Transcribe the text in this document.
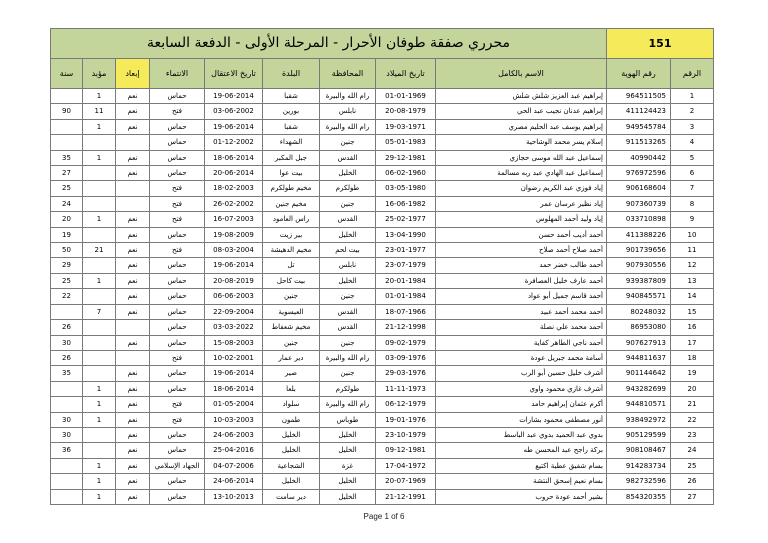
151		محرري صفقة طوفان الأحرار - المرحلة الأولى - الدفعة السابعة								
الرقم	رقم الهوية	الاسم بالكامل	تاريخ الميلاد	المحافظة	البلدة	تاريخ الاعتقال	الانتماء	إبعاد	مؤبد	سنة
1	964511505	إبراهيم عبد العزيز شلش شلش	01-01-1969	رام الله والبيرة	شقبا	19-06-2014	حماس	نعم	1	
2	411124423	إبراهيم عدنان نجيب عبد الحي	20-08-1979	نابلس	بورين	03-06-2002	فتح	نعم	11	90
3	949545784	إبراهيم يوسف عبد الحليم مصري	19-03-1971	رام الله والبيرة	شقبا	19-06-2014	حماس	نعم	1	
4	911513265	إسلام يسر محمد الوشاحية	05-01-1983	جنين	الشهداء	01-12-2002	حماس			
5	40990442	إسماعيل عبد الله موسى حجازي	29-12-1981	القدس	جبل المكبر	18-06-2014	حماس	نعم	1	35
6	976972596	إسماعيل عبد الهادي عبد ربه مسالمة	06-02-1960	الخليل	بيت عوا	20-06-2014	حماس	نعم		27
7	906168604	إياد فوزي عبد الكريم رضوان	03-05-1980	طولكرم	مخيم طولكرم	18-02-2003	فتح			25
8	907360739	إياد نظير عرسان عمر	16-06-1982	جنين	مخيم جنين	26-02-2002	فتح			24
9	033710898	إياد وليد أحمد المهلوس	25-02-1977	القدس	راس العامود	16-07-2003	فتح	نعم	1	20
10	411388226	أحمد أديب أحمد حسن	13-04-1990	الخليل	بير زيت	19-08-2009	حماس	نعم		19
11	901739656	أحمد صلاح أحمد صلاح	23-01-1977	بيت لحم	مخيم الدهيشة	08-03-2004	فتح	نعم	21	50
12	907930556	أحمد طالب خضر حمد	23-07-1979	نابلس	تل	19-06-2014	حماس	نعم		29
13	939387809	أحمد عارف خليل العصافرة	20-01-1984	الخليل	بيت كاحل	20-08-2019	حماس	نعم	1	25
14	940845571	أحمد قاسم جميل أبو عواد	01-01-1984	جنين	جنين	06-06-2003	حماس	نعم		22
15	80248032	أحمد محمد أحمد عبيد	18-07-1966	القدس	العيسوية	22-09-2004	حماس	نعم	7	
16	86953080	أحمد محمد علي نصلة	21-12-1998	القدس	مخيم شعفاط	03-03-2022	حماس			26
17	907627913	أحمد ناجي الطاهر كفاية	09-02-1979	جنين	جنين	15-08-2003	حماس	نعم		30
18	944811637	أسامة محمد جبريل عودة	03-09-1976	رام الله والبيرة	دير عمار	10-02-2001	فتح			26
19	901144642	أشرف خليل حسين أبو الرب	29-03-1976	جنين	صير	19-06-2014	حماس	نعم		35
20	943282699	أشرف غازي محمود واوي	11-11-1973	طولكرم	بلعا	18-06-2014	حماس	نعم	1	
21	944810571	أكرم عثمان إبراهيم حامد	06-12-1979	رام الله والبيرة	سلواد	01-05-2004	فتح	نعم	1	
22	938492972	أنور مصطفى محمود بشارات	19-01-1976	طوباس	طمون	10-03-2003	فتح	نعم	1	30
23	905129599	بدوي عبد الحميد بدوي عبد الباسط	23-10-1979	الخليل	الخليل	24-06-2003	حماس	نعم		30
24	908108467	بركة راجح عبد المحسن طه	09-12-1981	الخليل	الخليل	25-04-2016	حماس	نعم		36
25	914283734	بسام شفيق عطية اكتيع	17-04-1972	غزة	الشجاعية	04-07-2006	الجهاد الإسلامي	نعم	1	
26	982732596	بسام نعيم إسحق النتشة	20-07-1969	الخليل	الخليل	24-06-2014	حماس	نعم	1	
27	854320355	بشير أحمد عودة حروب	21-12-1991	الخليل	دير سامت	13-10-2013	حماس	نعم	1	
Page 1 of 6
